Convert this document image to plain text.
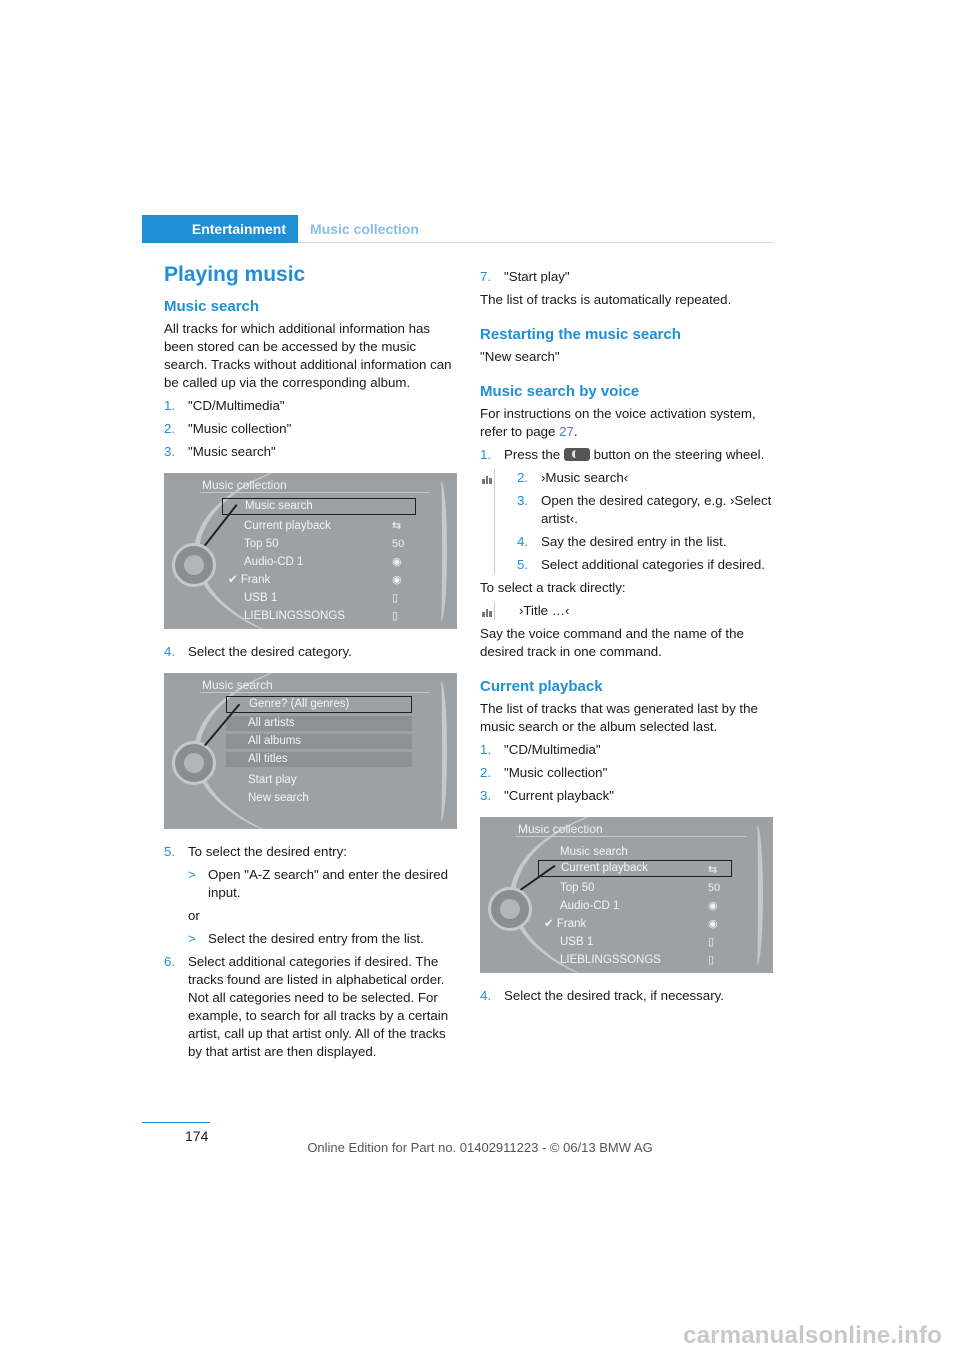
Entertainment Music collection
Playing music
Music search

All tracks for which additional information has been stored can be accessed by the music search. Tracks without additional information can be called up via the corresponding album.

1. "CD/Multimedia"
2. "Music collection"
3. "Music search"
Music collection
Music search
Current playback	⇆
Top 50	50
Audio-CD 1	◉
✔ Frank	◉
USB 1	▯
LIEBLINGSSONGS	▯
4. Select the desired category.
Music search
Genre? (All genres)
All artists
All albums
All titles
Start play
New search
5. To select the desired entry:
> Open "A-Z search" and enter the desired input.

or

> Select the desired entry from the list.
6. Select additional categories if desired. The tracks found are listed in alphabetical order. Not all categories need to be selected. For example, to search for all tracks by a certain artist, call up that artist only. All of the tracks by that artist are then displayed.
7. "Start play"

The list of tracks is automatically repeated.

Restarting the music search

"New search"

Music search by voice

For instructions on the voice activation system, refer to page 27.

1. Press the
button on the steering wheel.
2. ›Music search‹
3. Open the desired category, e.g. ›Select artist‹.
4. Say the desired entry in the list.
5. Select additional categories if desired.

To select a track directly:

›Title …‹

Say the voice command and the name of the desired track in one command.

Current playback

The list of tracks that was generated last by the music search or the album selected last.

1. "CD/Multimedia"
2. "Music collection"
3. "Current playback"
Music collection
Music search
Current playback	⇆
Top 50	50
Audio-CD 1	◉
✔ Frank	◉
USB 1	▯
LIEBLINGSSONGS	▯
4. Select the desired track, if necessary.
174
Online Edition for Part no. 01402911223 - © 06/13 BMW AG
carmanualsonline.info
